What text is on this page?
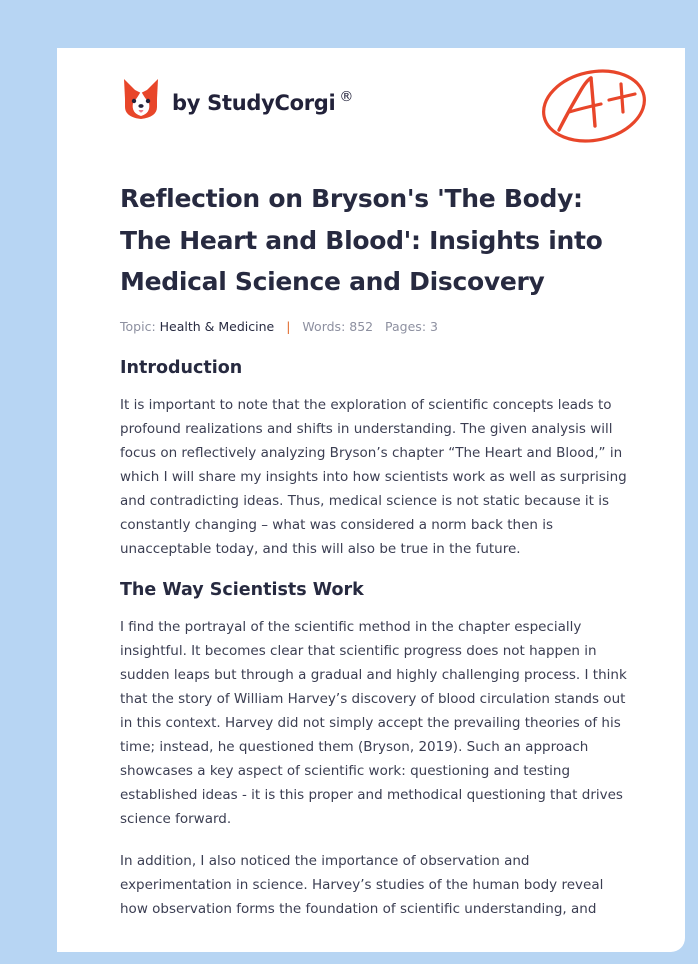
by StudyCorgi ®
Reflection on Bryson's 'The Body: The Heart and Blood': Insights into Medical Science and Discovery
Topic: Health & Medicine | Words: 852 Pages: 3
Introduction

It is important to note that the exploration of scientific concepts leads to profound realizations and shifts in understanding. The given analysis will focus on reflectively analyzing Bryson’s chapter “The Heart and Blood,” in which I will share my insights into how scientists work as well as surprising and contradicting ideas. Thus, medical science is not static because it is constantly changing – what was considered a norm back then is unacceptable today, and this will also be true in the future.

The Way Scientists Work

I find the portrayal of the scientific method in the chapter especially insightful. It becomes clear that scientific progress does not happen in sudden leaps but through a gradual and highly challenging process. I think that the story of William Harvey’s discovery of blood circulation stands out in this context. Harvey did not simply accept the prevailing theories of his time; instead, he questioned them (Bryson, 2019). Such an approach showcases a key aspect of scientific work: questioning and testing established ideas - it is this proper and methodical questioning that drives science forward.

In addition, I also noticed the importance of observation and experimentation in science. Harvey’s studies of the human body reveal how observation forms the foundation of scientific understanding, and
